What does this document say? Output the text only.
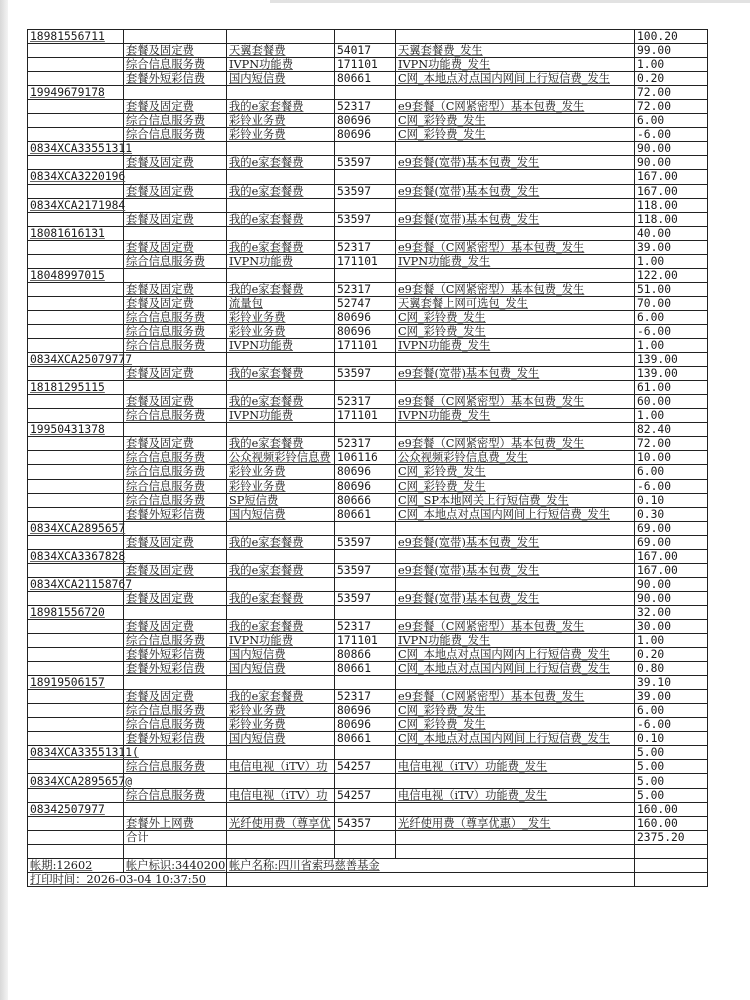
18981556711					100.20
	套餐及固定费	天翼套餐费	54017	天翼套餐费_发生	99.00
	综合信息服务费	IVPN功能费	171101	IVPN功能费_发生	1.00
	套餐外短彩信费	国内短信费	80661	C网_本地点对点国内网间上行短信费_发生	0.20
19949679178					72.00
	套餐及固定费	我的e家套餐费	52317	e9套餐（C网紧密型）基本包费_发生	72.00
	综合信息服务费	彩铃业务费	80696	C网_彩铃费_发生	6.00
	综合信息服务费	彩铃业务费	80696	C网_彩铃费_发生	-6.00
0834XCA33551311					90.00
	套餐及固定费	我的e家套餐费	53597	e9套餐(宽带)基本包费_发生	90.00
0834XCA3220196					167.00
	套餐及固定费	我的e家套餐费	53597	e9套餐(宽带)基本包费_发生	167.00
0834XCA2171984					118.00
	套餐及固定费	我的e家套餐费	53597	e9套餐(宽带)基本包费_发生	118.00
18081616131					40.00
	套餐及固定费	我的e家套餐费	52317	e9套餐（C网紧密型）基本包费_发生	39.00
	综合信息服务费	IVPN功能费	171101	IVPN功能费_发生	1.00
18048997015					122.00
	套餐及固定费	我的e家套餐费	52317	e9套餐（C网紧密型）基本包费_发生	51.00
	套餐及固定费	流量包	52747	天翼套餐上网可选包_发生	70.00
	综合信息服务费	彩铃业务费	80696	C网_彩铃费_发生	6.00
	综合信息服务费	彩铃业务费	80696	C网_彩铃费_发生	-6.00
	综合信息服务费	IVPN功能费	171101	IVPN功能费_发生	1.00
0834XCA25079777					139.00
	套餐及固定费	我的e家套餐费	53597	e9套餐(宽带)基本包费_发生	139.00
18181295115					61.00
	套餐及固定费	我的e家套餐费	52317	e9套餐（C网紧密型）基本包费_发生	60.00
	综合信息服务费	IVPN功能费	171101	IVPN功能费_发生	1.00
19950431378					82.40
	套餐及固定费	我的e家套餐费	52317	e9套餐（C网紧密型）基本包费_发生	72.00
	综合信息服务费	公众视频彩铃信息费	106116	公众视频彩铃信息费_发生	10.00
	综合信息服务费	彩铃业务费	80696	C网_彩铃费_发生	6.00
	综合信息服务费	彩铃业务费	80696	C网_彩铃费_发生	-6.00
	综合信息服务费	SP短信费	80666	C网_SP本地网关上行短信费_发生	0.10
	套餐外短彩信费	国内短信费	80661	C网_本地点对点国内网间上行短信费_发生	0.30
0834XCA2895657					69.00
	套餐及固定费	我的e家套餐费	53597	e9套餐(宽带)基本包费_发生	69.00
0834XCA3367828					167.00
	套餐及固定费	我的e家套餐费	53597	e9套餐(宽带)基本包费_发生	167.00
0834XCA21158767					90.00
	套餐及固定费	我的e家套餐费	53597	e9套餐(宽带)基本包费_发生	90.00
18981556720					32.00
	套餐及固定费	我的e家套餐费	52317	e9套餐（C网紧密型）基本包费_发生	30.00
	综合信息服务费	IVPN功能费	171101	IVPN功能费_发生	1.00
	套餐外短彩信费	国内短信费	80866	C网_本地点对点国内网内上行短信费_发生	0.20
	套餐外短彩信费	国内短信费	80661	C网_本地点对点国内网间上行短信费_发生	0.80
18919506157					39.10
	套餐及固定费	我的e家套餐费	52317	e9套餐（C网紧密型）基本包费_发生	39.00
	综合信息服务费	彩铃业务费	80696	C网_彩铃费_发生	6.00
	综合信息服务费	彩铃业务费	80696	C网_彩铃费_发生	-6.00
	套餐外短彩信费	国内短信费	80661	C网_本地点对点国内网间上行短信费_发生	0.10
0834XCA33551311(					5.00
	综合信息服务费	电信电视（iTV）功	54257	电信电视（iTV）功能费_发生	5.00
0834XCA2895657@					5.00
	综合信息服务费	电信电视（iTV）功	54257	电信电视（iTV）功能费_发生	5.00
08342507977					160.00
	套餐外上网费	光纤使用费（尊享优	54357	光纤使用费（尊享优惠）_发生	160.00
	合计				2375.20

帐期:12602	帐户标识:3440200	帐户名称:四川省索玛慈善基金			
打印时间：2026-03-04 10:37:50					
